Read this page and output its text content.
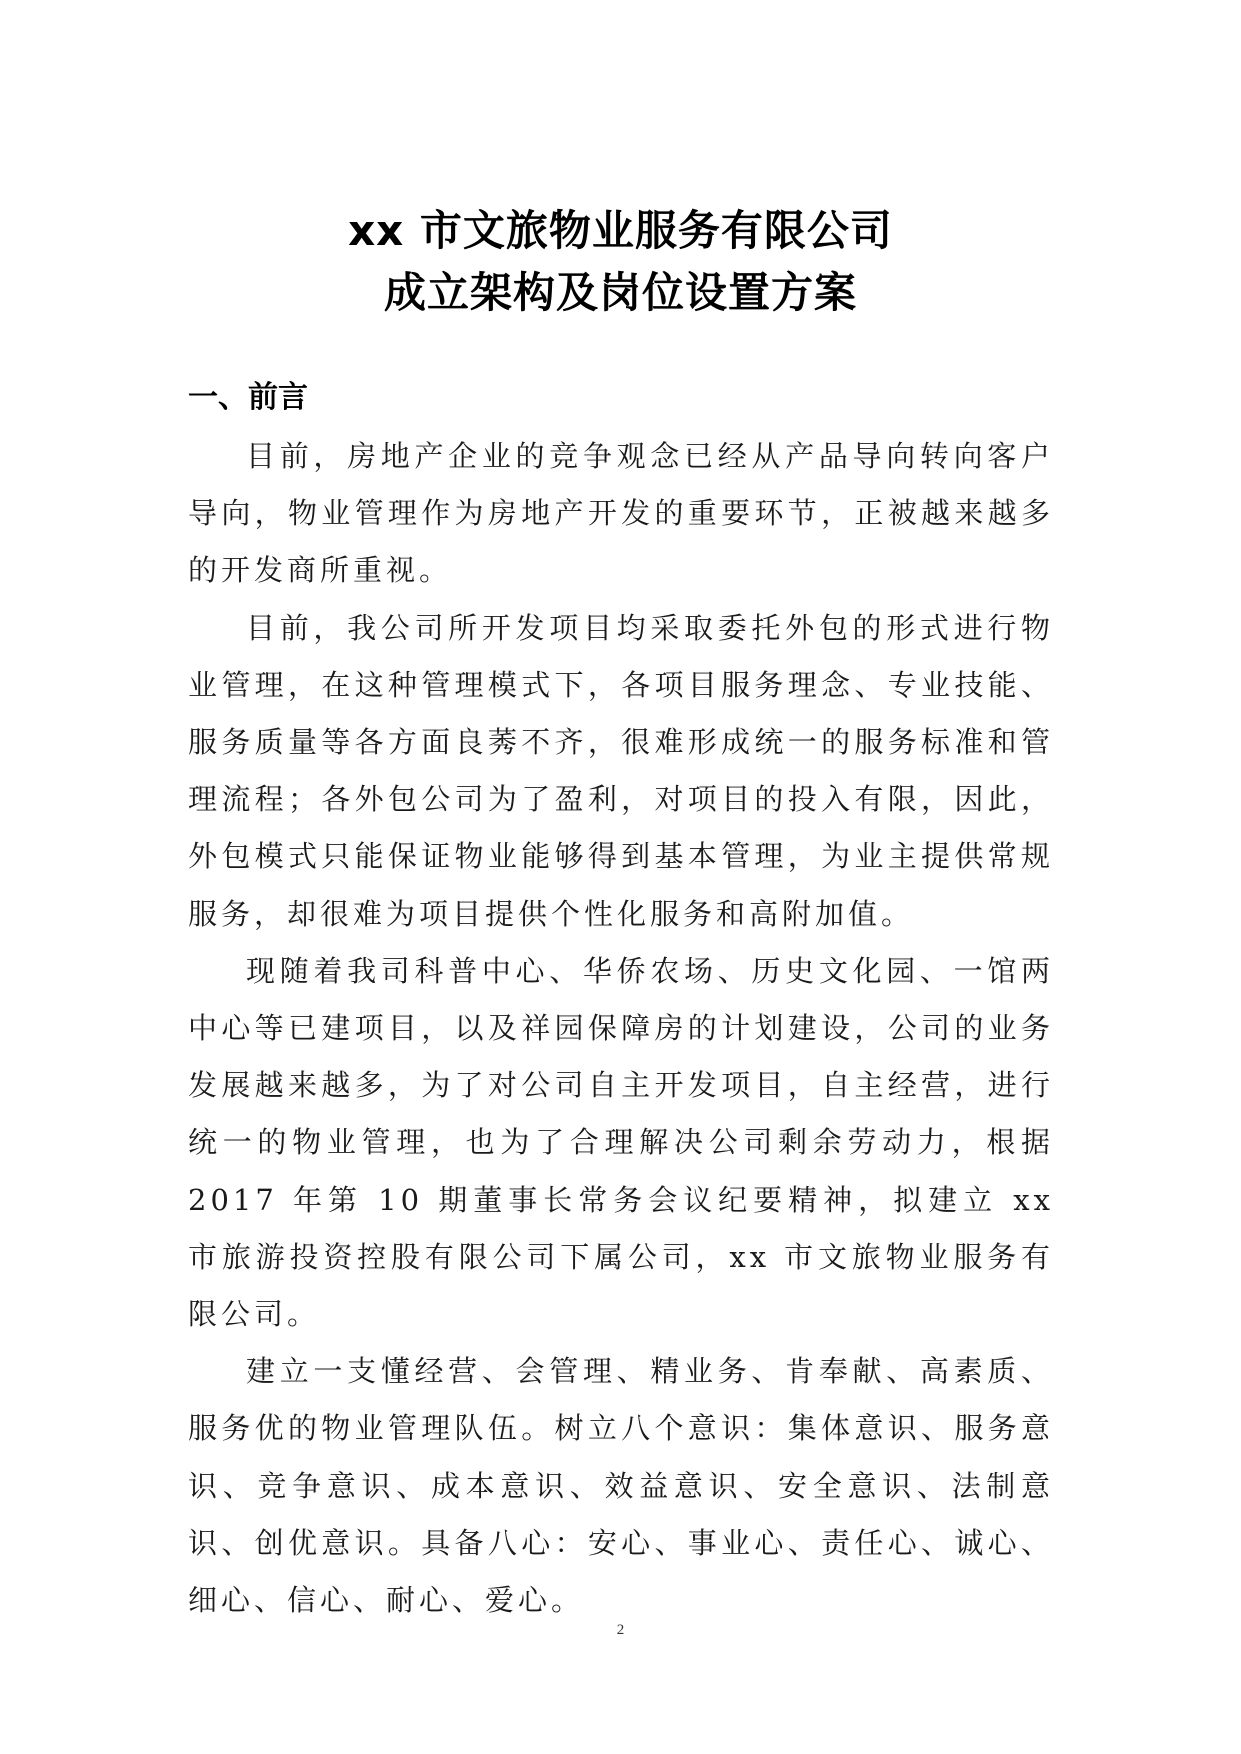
xx 市文旅物业服务有限公司
成立架构及岗位设置方案
一、前言

目前，房地产企业的竞争观念已经从产品导向转向客户导向，物业管理作为房地产开发的重要环节，正被越来越多的开发商所重视。

目前，我公司所开发项目均采取委托外包的形式进行物业管理，在这种管理模式下，各项目服务理念、专业技能、服务质量等各方面良莠不齐，很难形成统一的服务标准和管理流程；各外包公司为了盈利，对项目的投入有限，因此，外包模式只能保证物业能够得到基本管理，为业主提供常规服务，却很难为项目提供个性化服务和高附加值。

现随着我司科普中心、华侨农场、历史文化园、一馆两中心等已建项目，以及祥园保障房的计划建设，公司的业务发展越来越多，为了对公司自主开发项目，自主经营，进行统一的物业管理，也为了合理解决公司剩余劳动力，根据2017 年第 10 期董事长常务会议纪要精神，拟建立 xx 市旅游投资控股有限公司下属公司，xx 市文旅物业服务有限公司。

建立一支懂经营、会管理、精业务、肯奉献、高素质、服务优的物业管理队伍。树立八个意识：集体意识、服务意识、竞争意识、成本意识、效益意识、安全意识、法制意识、创优意识。具备八心：安心、事业心、责任心、诚心、细心、信心、耐心、爱心。

2
